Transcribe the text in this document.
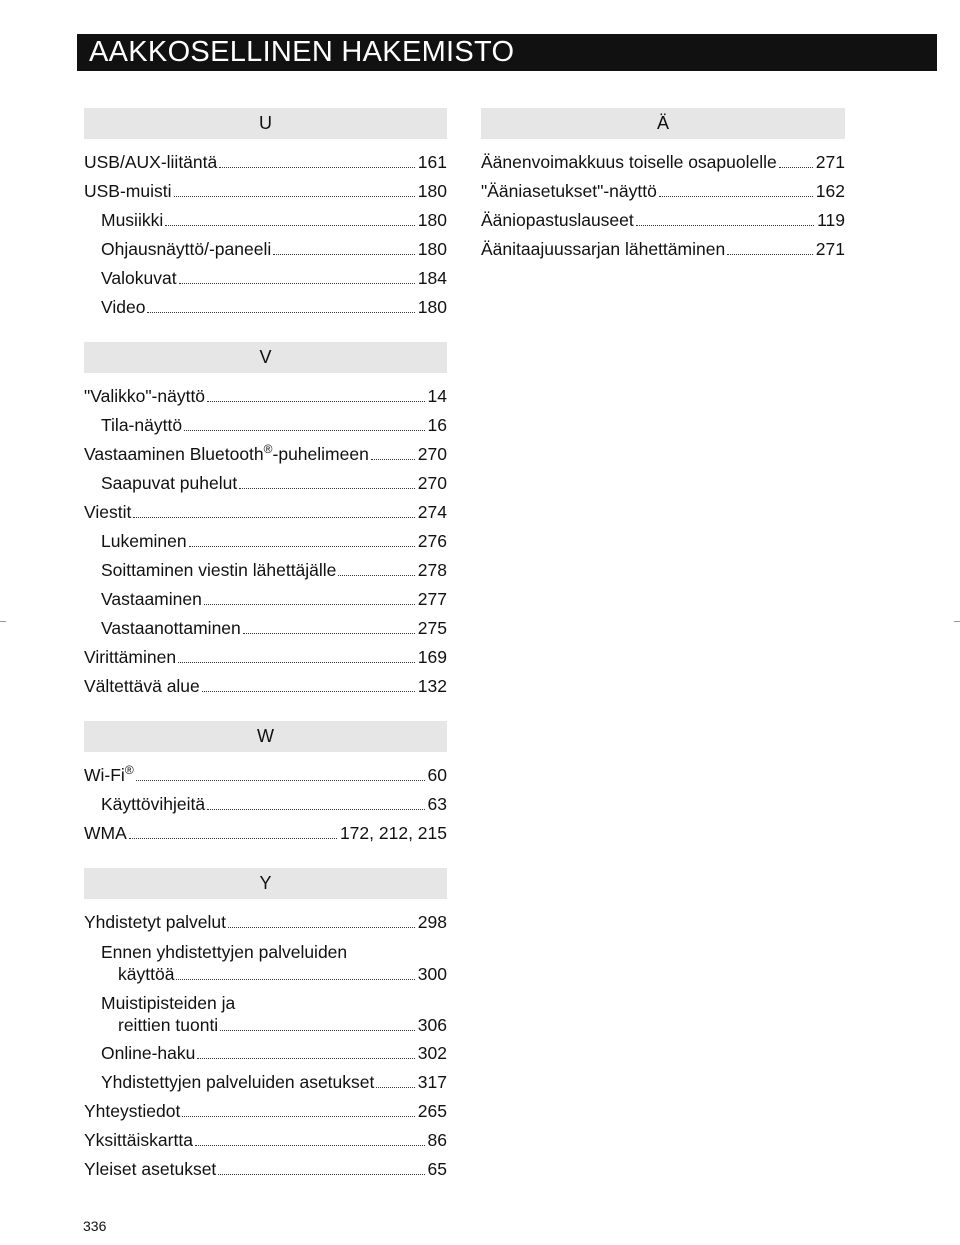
AAKKOSELLINEN HAKEMISTO
U
USB/AUX-liitäntä	161
USB-muisti	180
Musiikki	180
Ohjausnäyttö/-paneeli	180
Valokuvat	184
Video	180
V
"Valikko"-näyttö	14
Tila-näyttö	16
Vastaaminen Bluetooth®-puhelimeen	270
Saapuvat puhelut	270
Viestit	274
Lukeminen	276
Soittaminen viestin lähettäjälle	278
Vastaaminen	277
Vastaanottaminen	275
Virittäminen	169
Vältettävä alue	132
W
Wi-Fi®	60
Käyttövihjeitä	63
WMA	172, 212, 215
Y
Yhdistetyt palvelut	298
Ennen yhdistettyjen palveluiden
käyttöä	300
Muistipisteiden ja
reittien tuonti	306
Online-haku	302
Yhdistettyjen palveluiden asetukset 317
Yhteystiedot	265
Yksittäiskartta	86
Yleiset asetukset	65
Ä
Äänenvoimakkuus toiselle osapuolelle 271
"Ääniasetukset"-näyttö	162
Ääniopastuslauseet	119
Äänitaajuussarjan lähettäminen	271
336
